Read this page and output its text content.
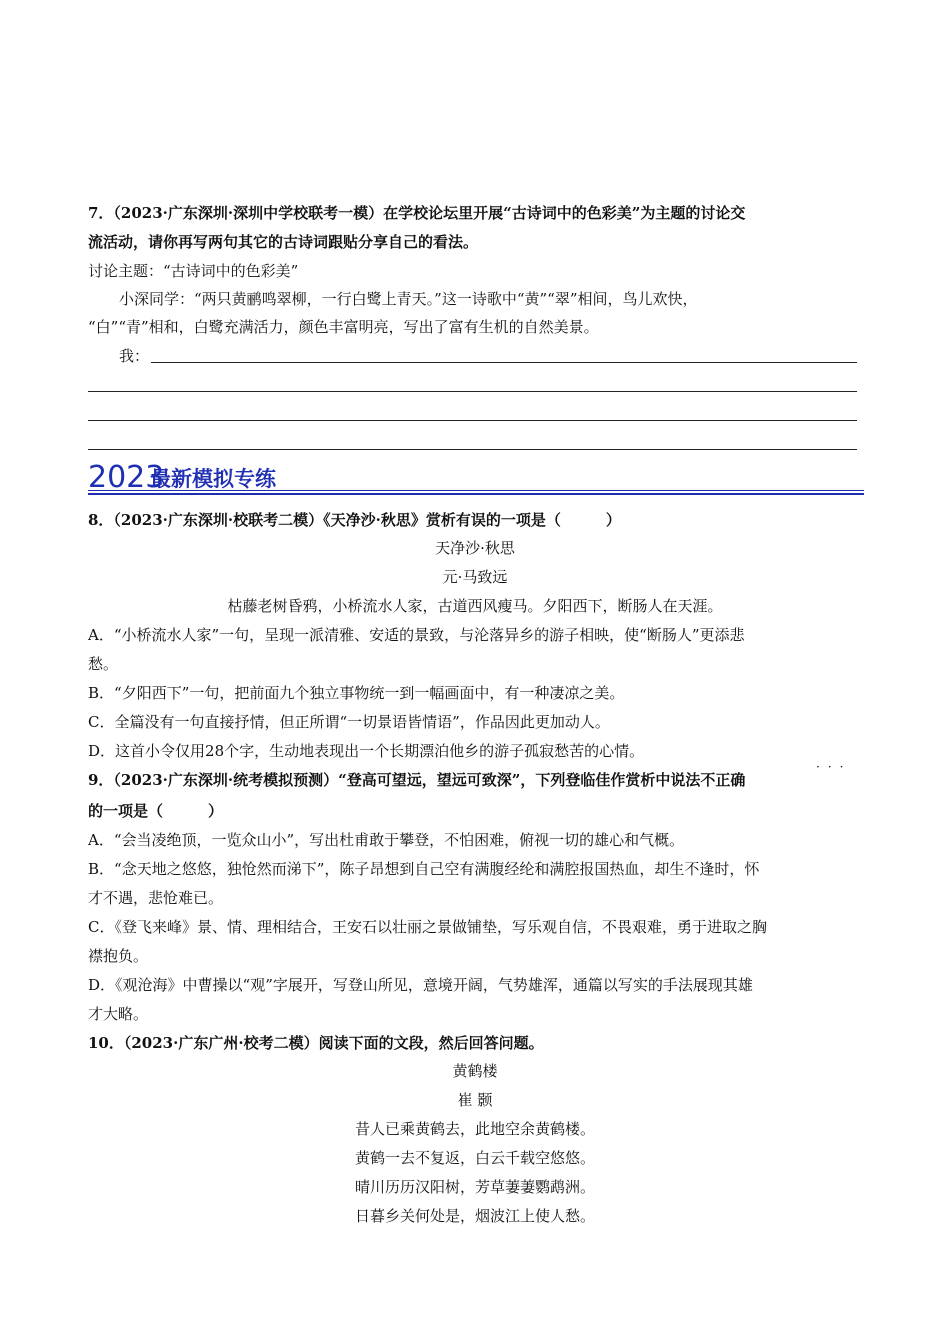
7．（2023·广东深圳·深圳中学校联考一模）在学校论坛里开展“古诗词中的色彩美”为主题的讨论交
流活动，请你再写两句其它的古诗词跟贴分享自己的看法。
讨论主题：“古诗词中的色彩美”
小深同学：“两只黄鹂鸣翠柳，一行白鹭上青天。”这一诗歌中“黄”“翠”相间，鸟儿欢快，
“白”“青”相和，白鹭充满活力，颜色丰富明亮，写出了富有生机的自然美景。
我：
2023
最新模拟专练
8．（2023·广东深圳·校联考二模）《天净沙·秋思》赏析有误的一项是（　　　）
天净沙·秋思
元·马致远
枯藤老树昏鸦，小桥流水人家，古道西风瘦马。夕阳西下，断肠人在天涯。
A．“小桥流水人家”一句，呈现一派清雅、安适的景致，与沦落异乡的游子相映，使“断肠人”更添悲
愁。
B．“夕阳西下”一句，把前面九个独立事物统一到一幅画面中，有一种凄凉之美。
C．全篇没有一句直接抒情，但正所谓“一切景语皆情语”，作品因此更加动人。
D．这首小令仅用28个字，生动地表现出一个长期漂泊他乡的游子孤寂愁苦的心情。
···
9．（2023·广东深圳·统考模拟预测）“登高可望远，望远可致深”，下列登临佳作赏析中说法不正确
的一项是（　　　）
A．“会当凌绝顶，一览众山小”，写出杜甫敢于攀登，不怕困难，俯视一切的雄心和气概。
B．“念天地之悠悠，独怆然而涕下”，陈子昂想到自己空有满腹经纶和满腔报国热血，却生不逢时，怀
才不遇，悲怆难已。
C．《登飞来峰》景、情、理相结合，王安石以壮丽之景做铺垫，写乐观自信，不畏艰难，勇于进取之胸
襟抱负。
D．《观沧海》中曹操以“观”字展开，写登山所见，意境开阔，气势雄浑，通篇以写实的手法展现其雄
才大略。
10．（2023·广东广州·校考二模）阅读下面的文段，然后回答问题。
黄鹤楼
崔 颢
昔人已乘黄鹤去，此地空余黄鹤楼。
黄鹤一去不复返，白云千载空悠悠。
晴川历历汉阳树，芳草萋萋鹦鹉洲。
日暮乡关何处是，烟波江上使人愁。
